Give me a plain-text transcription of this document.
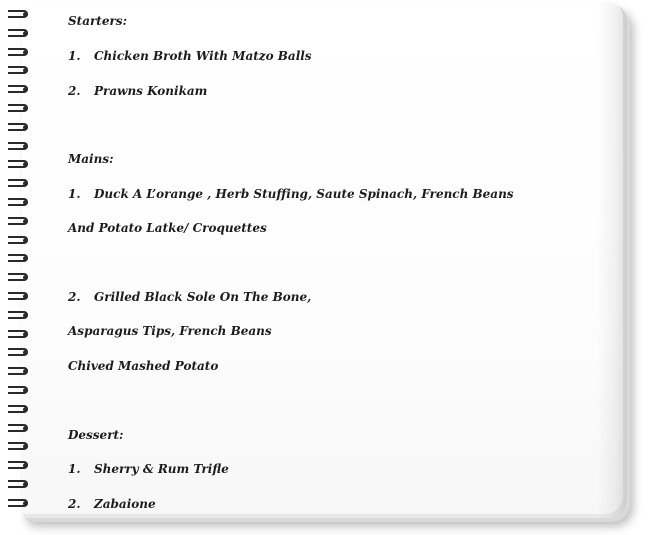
Starters:
1. Chicken Broth With Matzo Balls
2. Prawns Konikam
Mains:
1. Duck A L’orange , Herb Stuffing, Saute Spinach, French Beans
And Potato Latke/ Croquettes
2. Grilled Black Sole On The Bone,
Asparagus Tips, French Beans
Chived Mashed Potato
Dessert:
1. Sherry & Rum Trifle
2. Zabaione
